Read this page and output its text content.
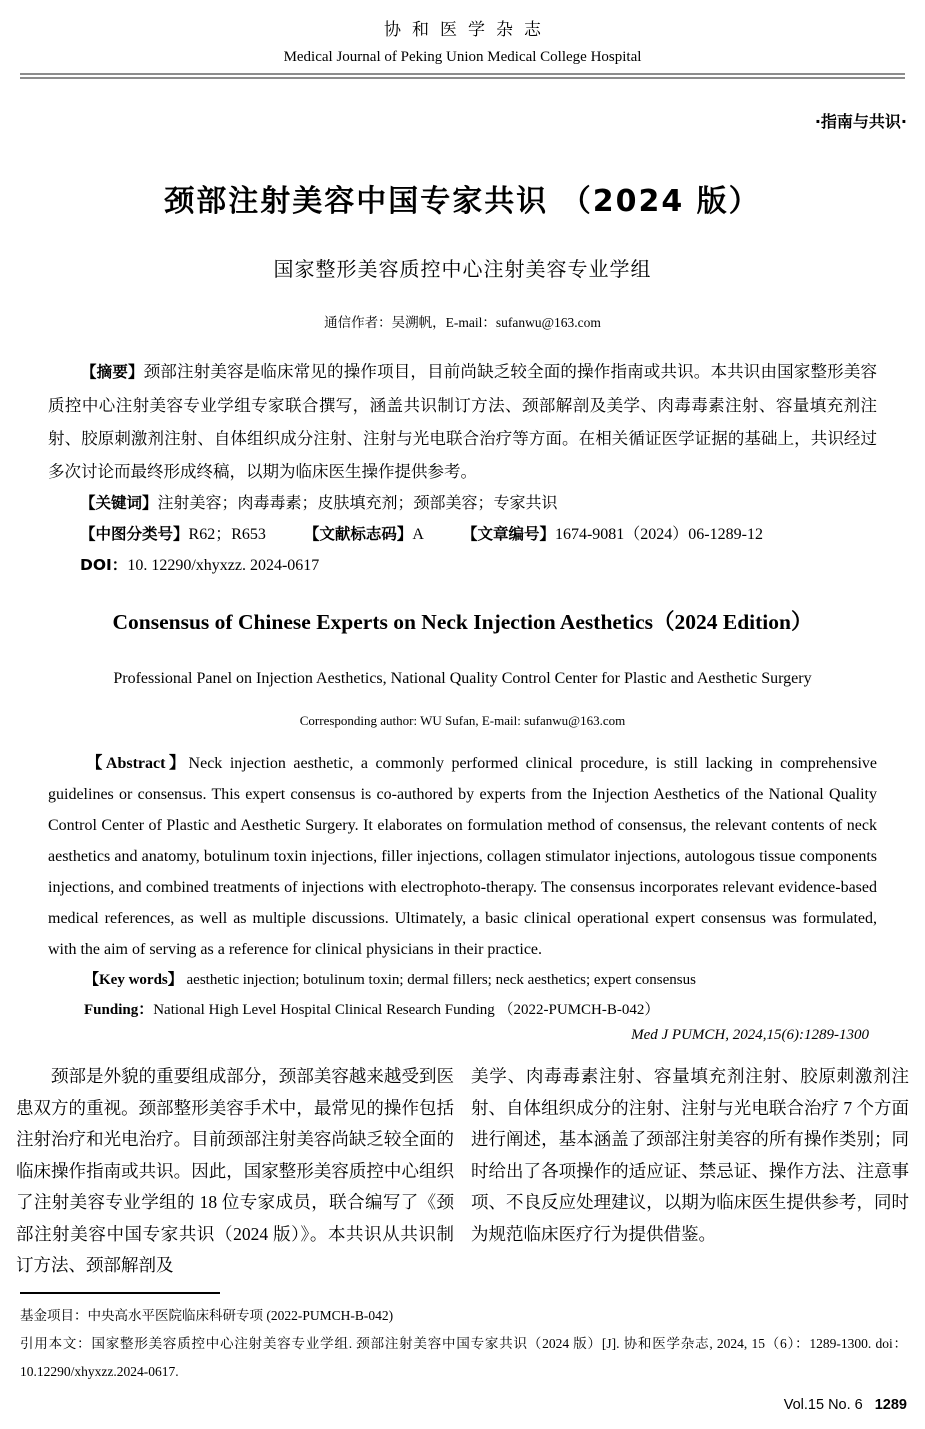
协和医学杂志
Medical Journal of Peking Union Medical College Hospital
·指南与共识·
颈部注射美容中国专家共识 （2024 版）
国家整形美容质控中心注射美容专业学组
通信作者：吴溯帆，E-mail：sufanwu@163.com

【摘要】颈部注射美容是临床常见的操作项目，目前尚缺乏较全面的操作指南或共识。本共识由国家整形美容质控中心注射美容专业学组专家联合撰写，涵盖共识制订方法、颈部解剖及美学、肉毒毒素注射、容量填充剂注射、胶原刺激剂注射、自体组织成分注射、注射与光电联合治疗等方面。在相关循证医学证据的基础上，共识经过多次讨论而最终形成终稿，以期为临床医生操作提供参考。

【关键词】注射美容；肉毒毒素；皮肤填充剂；颈部美容；专家共识

【中图分类号】R62；R653 【文献标志码】A 【文章编号】1674-9081（2024）06-1289-12

DOI：10. 12290/xhyxzz. 2024-0617

Consensus of Chinese Experts on Neck Injection Aesthetics（2024 Edition）
Professional Panel on Injection Aesthetics, National Quality Control Center for Plastic and Aesthetic Surgery
Corresponding author: WU Sufan, E-mail: sufanwu@163.com

【Abstract】Neck injection aesthetic, a commonly performed clinical procedure, is still lacking in comprehensive guidelines or consensus. This expert consensus is co-authored by experts from the Injection Aesthetics of the National Quality Control Center of Plastic and Aesthetic Surgery. It elaborates on formulation method of consensus, the relevant contents of neck aesthetics and anatomy, botulinum toxin injections, filler injections, collagen stimulator injections, autologous tissue components injections, and combined treatments of injections with electrophoto-therapy. The consensus incorporates relevant evidence-based medical references, as well as multiple discussions. Ultimately, a basic clinical operational expert consensus was formulated, with the aim of serving as a reference for clinical physicians in their practice.

【Key words】 aesthetic injection; botulinum toxin; dermal fillers; neck aesthetics; expert consensus

Funding：National High Level Hospital Clinical Research Funding （2022-PUMCH-B-042）

Med J PUMCH, 2024,15(6):1289-1300

颈部是外貌的重要组成部分，颈部美容越来越受到医患双方的重视。颈部整形美容手术中，最常见的操作包括注射治疗和光电治疗。目前颈部注射美容尚缺乏较全面的临床操作指南或共识。因此，国家整形美容质控中心组织了注射美容专业学组的 18 位专家成员，联合编写了《颈部注射美容中国专家共识（2024 版）》。本共识从共识制订方法、颈部解剖及

美学、肉毒毒素注射、容量填充剂注射、胶原刺激剂注射、自体组织成分的注射、注射与光电联合治疗 7 个方面进行阐述，基本涵盖了颈部注射美容的所有操作类别；同时给出了各项操作的适应证、禁忌证、操作方法、注意事项、不良反应处理建议，以期为临床医生提供参考，同时为规范临床医疗行为提供借鉴。

基金项目：中央高水平医院临床科研专项 (2022-PUMCH-B-042)

引用本文：国家整形美容质控中心注射美容专业学组. 颈部注射美容中国专家共识（2024 版）[J]. 协和医学杂志, 2024, 15（6）：1289-1300. doi：10.12290/xhyxzz.2024-0617.

Vol.15 No. 6 1289
